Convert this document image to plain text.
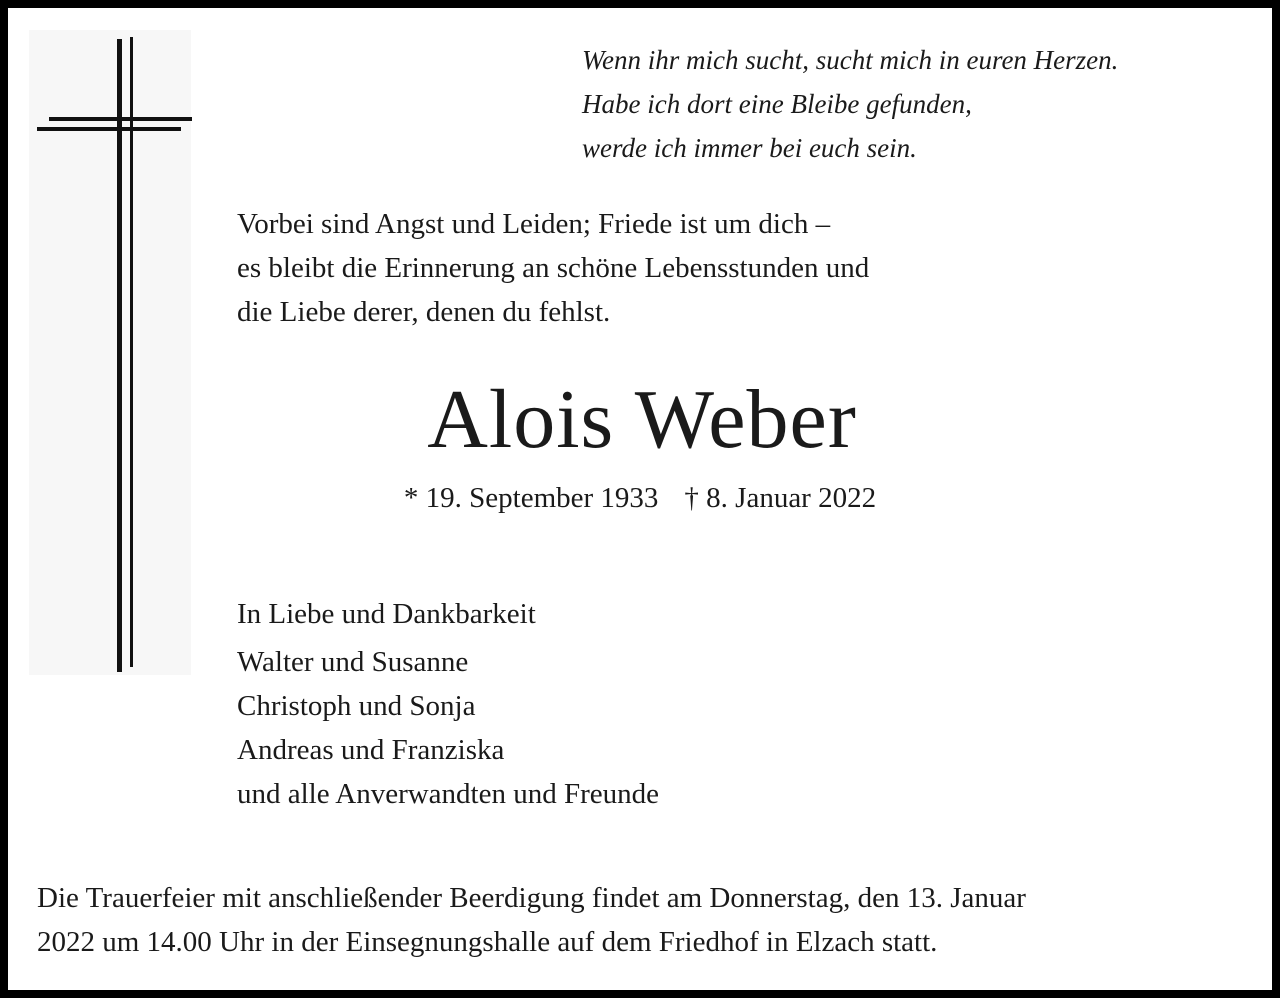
Wenn ihr mich sucht, sucht mich in euren Herzen.
Habe ich dort eine Bleibe gefunden,
werde ich immer bei euch sein.
Vorbei sind Angst und Leiden; Friede ist um dich –
es bleibt die Erinnerung an schöne Lebensstunden und
die Liebe derer, denen du fehlst.
Alois Weber
* 19. September 1933 † 8. Januar 2022
In Liebe und Dankbarkeit
Walter und Susanne
Christoph und Sonja
Andreas und Franziska
und alle Anverwandten und Freunde
Die Trauerfeier mit anschließender Beerdigung findet am Donnerstag, den 13. Januar
2022 um 14.00 Uhr in der Einsegnungshalle auf dem Friedhof in Elzach statt.
